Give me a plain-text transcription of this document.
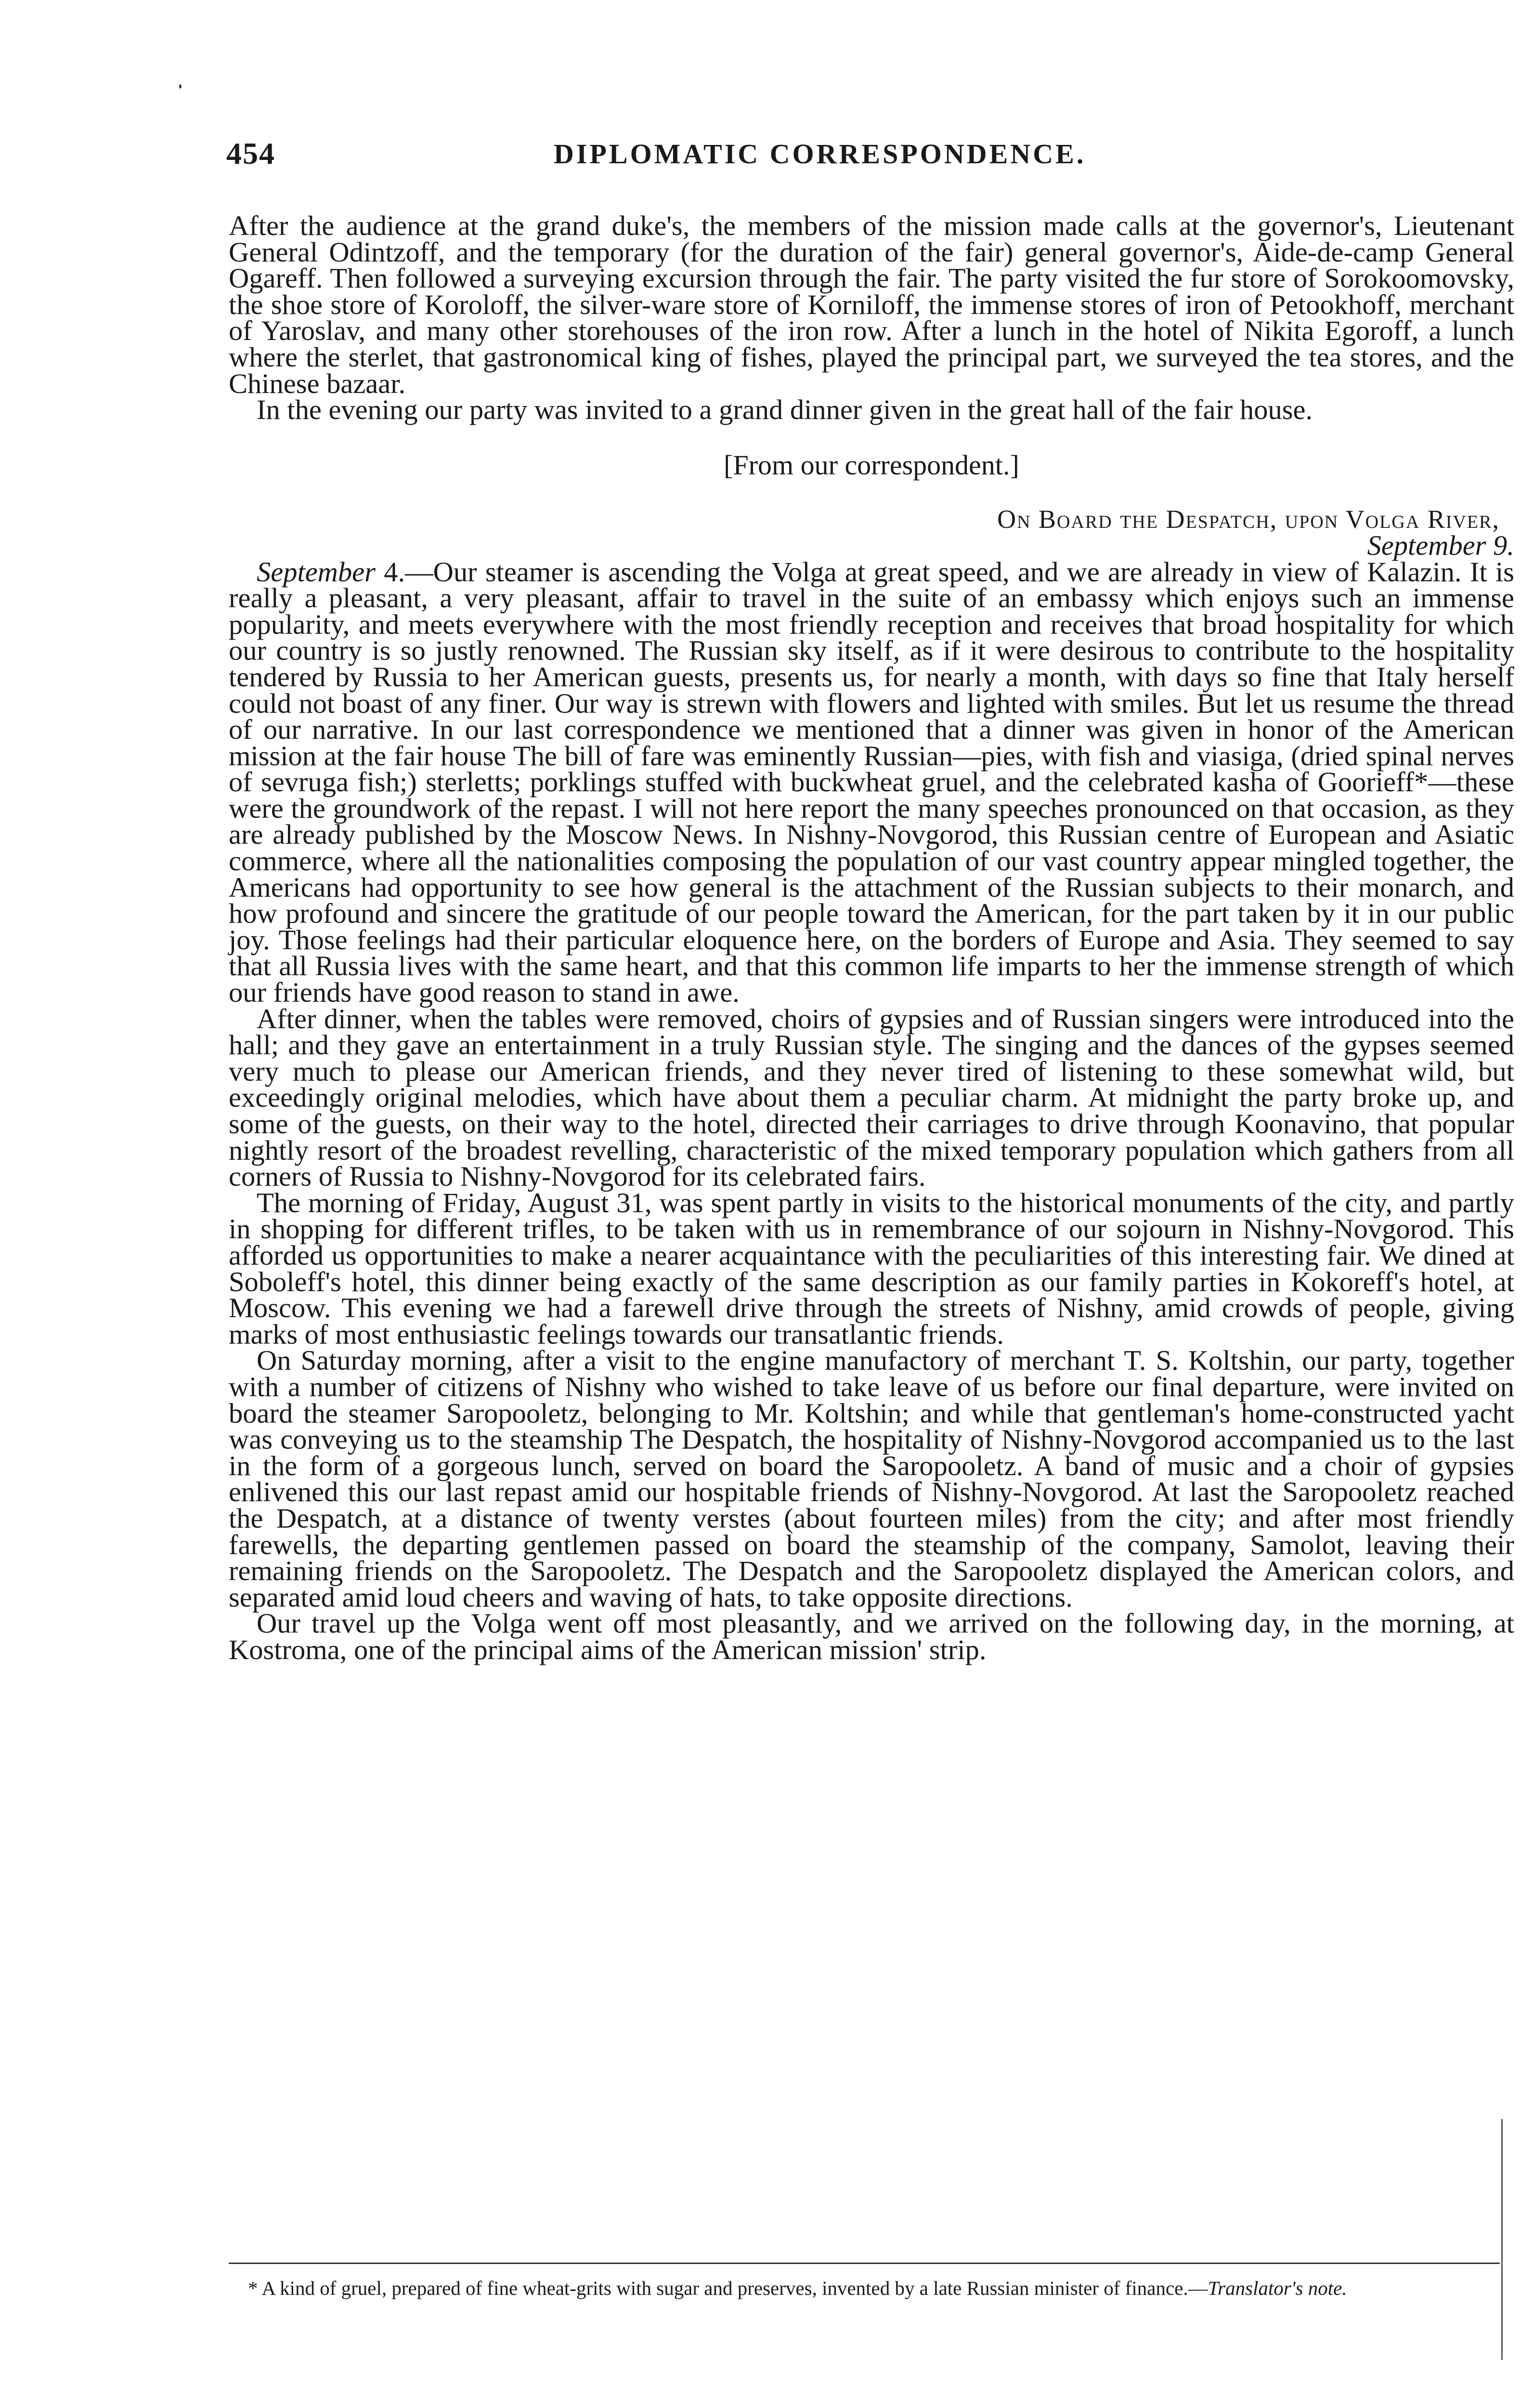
454	DIPLOMATIC CORRESPONDENCE.

After the audience at the grand duke's, the members of the mission made calls at the governor's, Lieutenant General Odintzoff, and the temporary (for the duration of the fair) general governor's, Aide-de-camp General Ogareff. Then followed a surveying excursion through the fair. The party visited the fur store of Sorokoomovsky, the shoe store of Koroloff, the silver-ware store of Korniloff, the immense stores of iron of Petookhoff, merchant of Yaroslav, and many other storehouses of the iron row. After a lunch in the hotel of Nikita Egoroff, a lunch where the sterlet, that gastronomical king of fishes, played the principal part, we surveyed the tea stores, and the Chinese bazaar.

In the evening our party was invited to a grand dinner given in the great hall of the fair house.

[From our correspondent.]

On Board the Despatch, upon Volga River,

September 9.

September 4.—Our steamer is ascending the Volga at great speed, and we are already in view of Kalazin. It is really a pleasant, a very pleasant, affair to travel in the suite of an embassy which enjoys such an immense popularity, and meets everywhere with the most friendly reception and receives that broad hospitality for which our country is so justly renowned. The Russian sky itself, as if it were desirous to contribute to the hospitality tendered by Russia to her American guests, presents us, for nearly a month, with days so fine that Italy herself could not boast of any finer. Our way is strewn with flowers and lighted with smiles. But let us resume the thread of our narrative. In our last correspondence we mentioned that a dinner was given in honor of the American mission at the fair house The bill of fare was eminently Russian—pies, with fish and viasiga, (dried spinal nerves of sevruga fish;) sterletts; porklings stuffed with buckwheat gruel, and the celebrated kasha of Goorieff*—these were the groundwork of the repast. I will not here report the many speeches pronounced on that occasion, as they are already published by the Moscow News. In Nishny-Novgorod, this Russian centre of European and Asiatic commerce, where all the nationalities composing the population of our vast country appear mingled together, the Americans had opportunity to see how general is the attachment of the Russian subjects to their monarch, and how profound and sincere the gratitude of our people toward the American, for the part taken by it in our public joy. Those feelings had their particular eloquence here, on the borders of Europe and Asia. They seemed to say that all Russia lives with the same heart, and that this common life imparts to her the immense strength of which our friends have good reason to stand in awe.

After dinner, when the tables were removed, choirs of gypsies and of Russian singers were introduced into the hall; and they gave an entertainment in a truly Russian style. The singing and the dances of the gypses seemed very much to please our American friends, and they never tired of listening to these somewhat wild, but exceedingly original melodies, which have about them a peculiar charm. At midnight the party broke up, and some of the guests, on their way to the hotel, directed their carriages to drive through Koonavino, that popular nightly resort of the broadest revelling, characteristic of the mixed temporary population which gathers from all corners of Russia to Nishny-Novgorod for its celebrated fairs.

The morning of Friday, August 31, was spent partly in visits to the historical monuments of the city, and partly in shopping for different trifles, to be taken with us in remembrance of our sojourn in Nishny-Novgorod. This afforded us opportunities to make a nearer acquaintance with the peculiarities of this interesting fair. We dined at Soboleff's hotel, this dinner being exactly of the same description as our family parties in Kokoreff's hotel, at Moscow. This evening we had a farewell drive through the streets of Nishny, amid crowds of people, giving marks of most enthusiastic feelings towards our transatlantic friends.

On Saturday morning, after a visit to the engine manufactory of merchant T. S. Koltshin, our party, together with a number of citizens of Nishny who wished to take leave of us before our final departure, were invited on board the steamer Saropooletz, belonging to Mr. Koltshin; and while that gentleman's home-constructed yacht was conveying us to the steamship The Despatch, the hospitality of Nishny-Novgorod accompanied us to the last in the form of a gorgeous lunch, served on board the Saropooletz. A band of music and a choir of gypsies enlivened this our last repast amid our hospitable friends of Nishny-Novgorod. At last the Saropooletz reached the Despatch, at a distance of twenty verstes (about fourteen miles) from the city; and after most friendly farewells, the departing gentlemen passed on board the steamship of the company, Samolot, leaving their remaining friends on the Saropooletz. The Despatch and the Saropooletz displayed the American colors, and separated amid loud cheers and waving of hats, to take opposite directions.

Our travel up the Volga went off most pleasantly, and we arrived on the following day, in the morning, at Kostroma, one of the principal aims of the American mission' strip.

* A kind of gruel, prepared of fine wheat-grits with sugar and preserves, invented by a late Russian minister of finance.—Translator's note.
